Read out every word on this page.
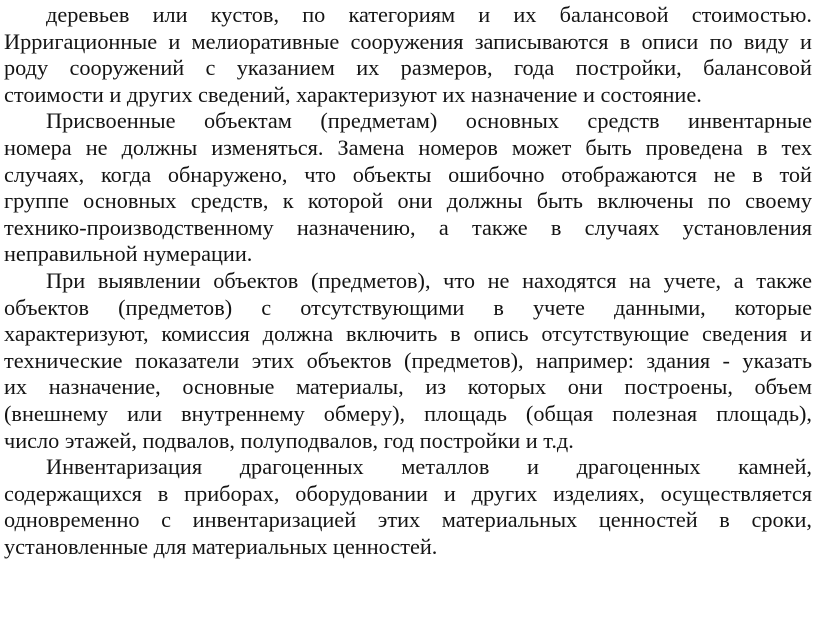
деревьев или кустов, по категориям и их балансовой стоимостью.
Ирригационные и мелиоративные сооружения записываются в описи по виду и
роду сооружений с указанием их размеров, года постройки, балансовой
стоимости и других сведений, характеризуют их назначение и состояние.
Присвоенные объектам (предметам) основных средств инвентарные
номера не должны изменяться. Замена номеров может быть проведена в тех
случаях, когда обнаружено, что объекты ошибочно отображаются не в той
группе основных средств, к которой они должны быть включены по своему
технико-производственному назначению, а также в случаях установления
неправильной нумерации.
При выявлении объектов (предметов), что не находятся на учете, а также
объектов (предметов) с отсутствующими в учете данными, которые
характеризуют, комиссия должна включить в опись отсутствующие сведения и
технические показатели этих объектов (предметов), например: здания - указать
их назначение, основные материалы, из которых они построены, объем
(внешнему или внутреннему обмеру), площадь (общая полезная площадь),
число этажей, подвалов, полуподвалов, год постройки и т.д.
Инвентаризация драгоценных металлов и драгоценных камней,
содержащихся в приборах, оборудовании и других изделиях, осуществляется
одновременно с инвентаризацией этих материальных ценностей в сроки,
установленные для материальных ценностей.
